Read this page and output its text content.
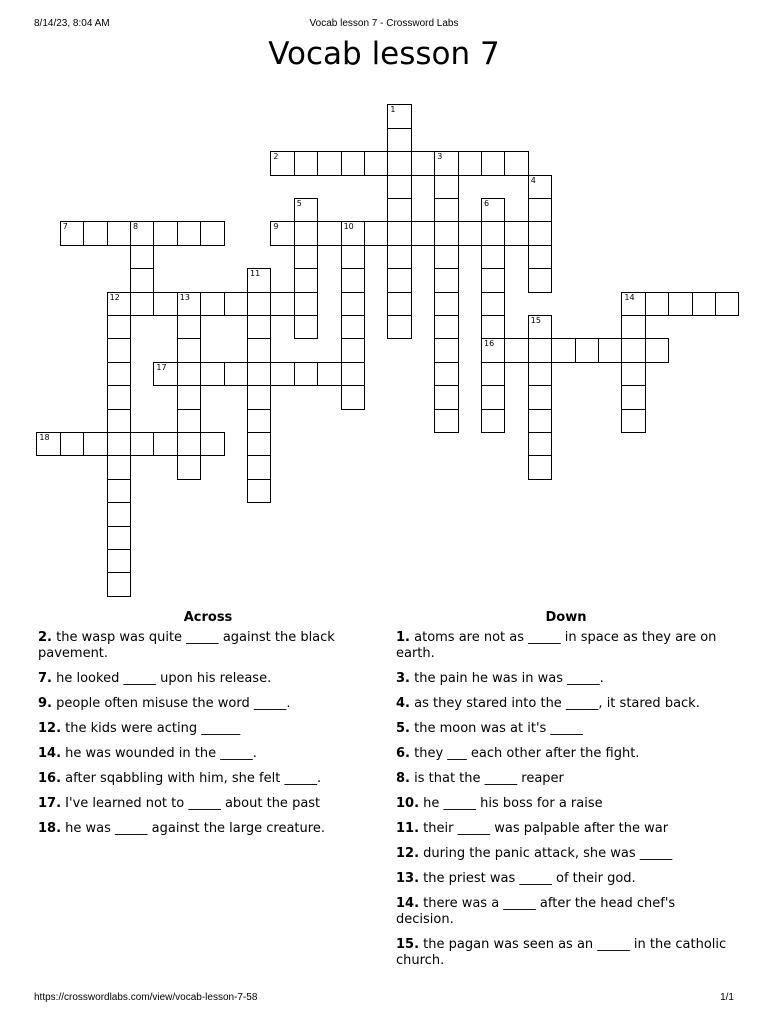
8/14/23, 8:04 AM	Vocab lesson 7 - Crossword Labs
Vocab lesson 7
1
2	3
4
5	6
16
7	8	9	10
11
12	13	14
15
17
18
Across

2. the wasp was quite _____ against the black pavement.

7. he looked _____ upon his release.

9. people often misuse the word _____.

12. the kids were acting ______

14. he was wounded in the _____.

16. after sqabbling with him, she felt _____.

17. I've learned not to _____ about the past

18. he was _____ against the large creature.

Down

1. atoms are not as _____ in space as they are on earth.

3. the pain he was in was _____.

4. as they stared into the _____, it stared back.

5. the moon was at it's _____

6. they ___ each other after the fight.

8. is that the _____ reaper

10. he _____ his boss for a raise

11. their _____ was palpable after the war

12. during the panic attack, she was _____

13. the priest was _____ of their god.

14. there was a _____ after the head chef's decision.

15. the pagan was seen as an _____ in the catholic church.

https://crosswordlabs.com/view/vocab-lesson-7-58	1/1
